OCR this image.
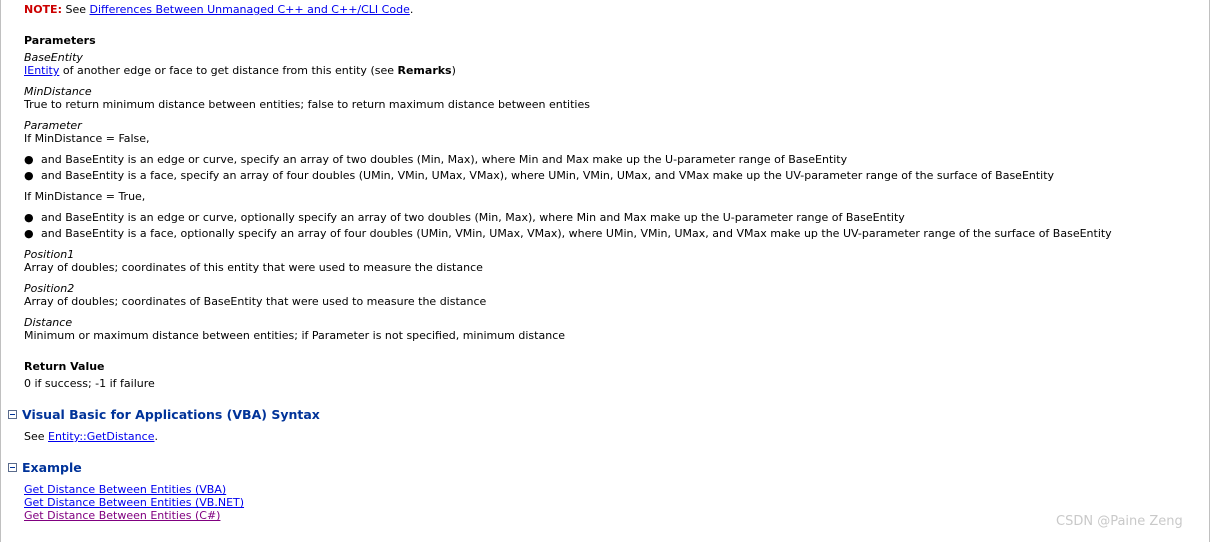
NOTE: See Differences Between Unmanaged C++ and C++/CLI Code.
Parameters
BaseEntity
IEntity of another edge or face to get distance from this entity (see Remarks)
MinDistance
True to return minimum distance between entities; false to return maximum distance between entities
Parameter
If MinDistance = False,
● and BaseEntity is an edge or curve, specify an array of two doubles (Min, Max), where Min and Max make up the U-parameter range of BaseEntity
● and BaseEntity is a face, specify an array of four doubles (UMin, VMin, UMax, VMax), where UMin, VMin, UMax, and VMax make up the UV-parameter range of the surface of BaseEntity
If MinDistance = True,
● and BaseEntity is an edge or curve, optionally specify an array of two doubles (Min, Max), where Min and Max make up the U-parameter range of BaseEntity
● and BaseEntity is a face, optionally specify an array of four doubles (UMin, VMin, UMax, VMax), where UMin, VMin, UMax, and VMax make up the UV-parameter range of the surface of BaseEntity
Position1
Array of doubles; coordinates of this entity that were used to measure the distance
Position2
Array of doubles; coordinates of BaseEntity that were used to measure the distance
Distance
Minimum or maximum distance between entities; if Parameter is not specified, minimum distance
Return Value
0 if success; -1 if failure
Visual Basic for Applications (VBA) Syntax
See Entity::GetDistance.
Example
Get Distance Between Entities (VBA)
Get Distance Between Entities (VB.NET)
Get Distance Between Entities (C#)	CSDN @Paine Zeng
